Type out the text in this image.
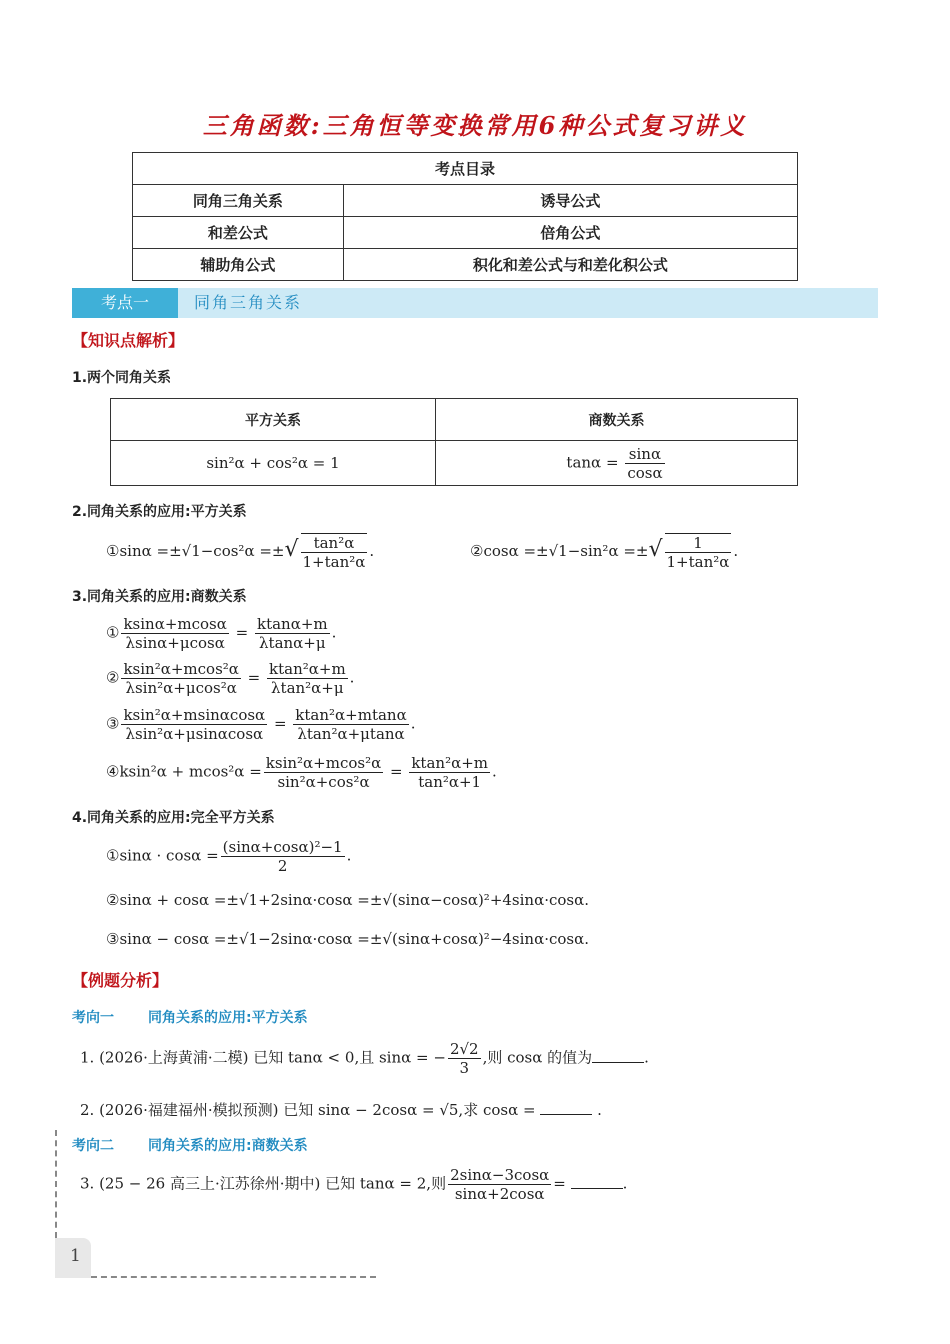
三角函数:三角恒等变换常用6种公式复习讲义
考点目录	
同角三角关系	诱导公式
和差公式	倍角公式
辅助角公式	积化和差公式与和差化积公式
考点一	同角三角关系
【知识点解析】
1.两个同角关系
平方关系	商数关系
sin²α + cos²α = 1	$\tan\alpha = \frac{\sin\alpha}{\cos\alpha}$
2.同角关系的应用:平方关系
①sinα =±√1−cos²α =±√ $\frac{\text{tan²α}}{\text{1+tan²α}}$ .	②cosα =±√1−sin²α =±√ $\frac{1}{\text{1+tan²α}}$ .
3.同角关系的应用:商数关系
① $\frac{ksin\alpha+mcos\alpha}{\lambda\sin\alpha+\mu\cos\alpha} = \frac{ktan\alpha+m}{\lambda\tan\alpha+\mu}$ .
② $\frac{\text{ksin²α+mcos²α}}{\text{λsin²α+μcos²α}} = \frac{\text{ktan²α+m}}{\text{λtan²α+μ}}$ .
③ $\frac{\text{ksin²α+msinαcosα}}{\text{λsin²α+μsinαcosα}} = \frac{\text{ktan²α+mtanα}}{\text{λtan²α+μtanα}}$ .
④ksin²α + $mcos^2\alpha = \frac{\text{ksin²α+mcos²α}}{\text{sin²α+cos²α}} = \frac{\text{ktan²α+m}}{\text{tan²α+1}}$ .
4.同角关系的应用:完全平方关系
①sinα · $\cos\alpha = \frac{\text{(sinα+cosα)²−1}}{2}$ .
②sinα + cosα =±√1+2sinα·cosα =±√(sinα−cosα)²+4sinα·cosα.
③sinα − cosα =±√1−2sinα·cosα =±√(sinα+cosα)²−4sinα·cosα.
【例题分析】
考向一 同角关系的应用:平方关系
1. (2026·上海黄浦·二模) 已知 tanα < 0,且 sinα = − $\frac{2√2}{3}$ ,则 cosα 的值为	.
2. (2026·福建福州·模拟预测) 已知 sinα − 2cosα = √5,求 cosα =	.
考向二 同角关系的应用:商数关系
3. (25 − 26 高三上·江苏徐州·期中) 已知 tanα = 2,则 $\frac{2\sin\alpha-3\cos\alpha}{\sin\alpha+2\cos\alpha}$ =	.
1
